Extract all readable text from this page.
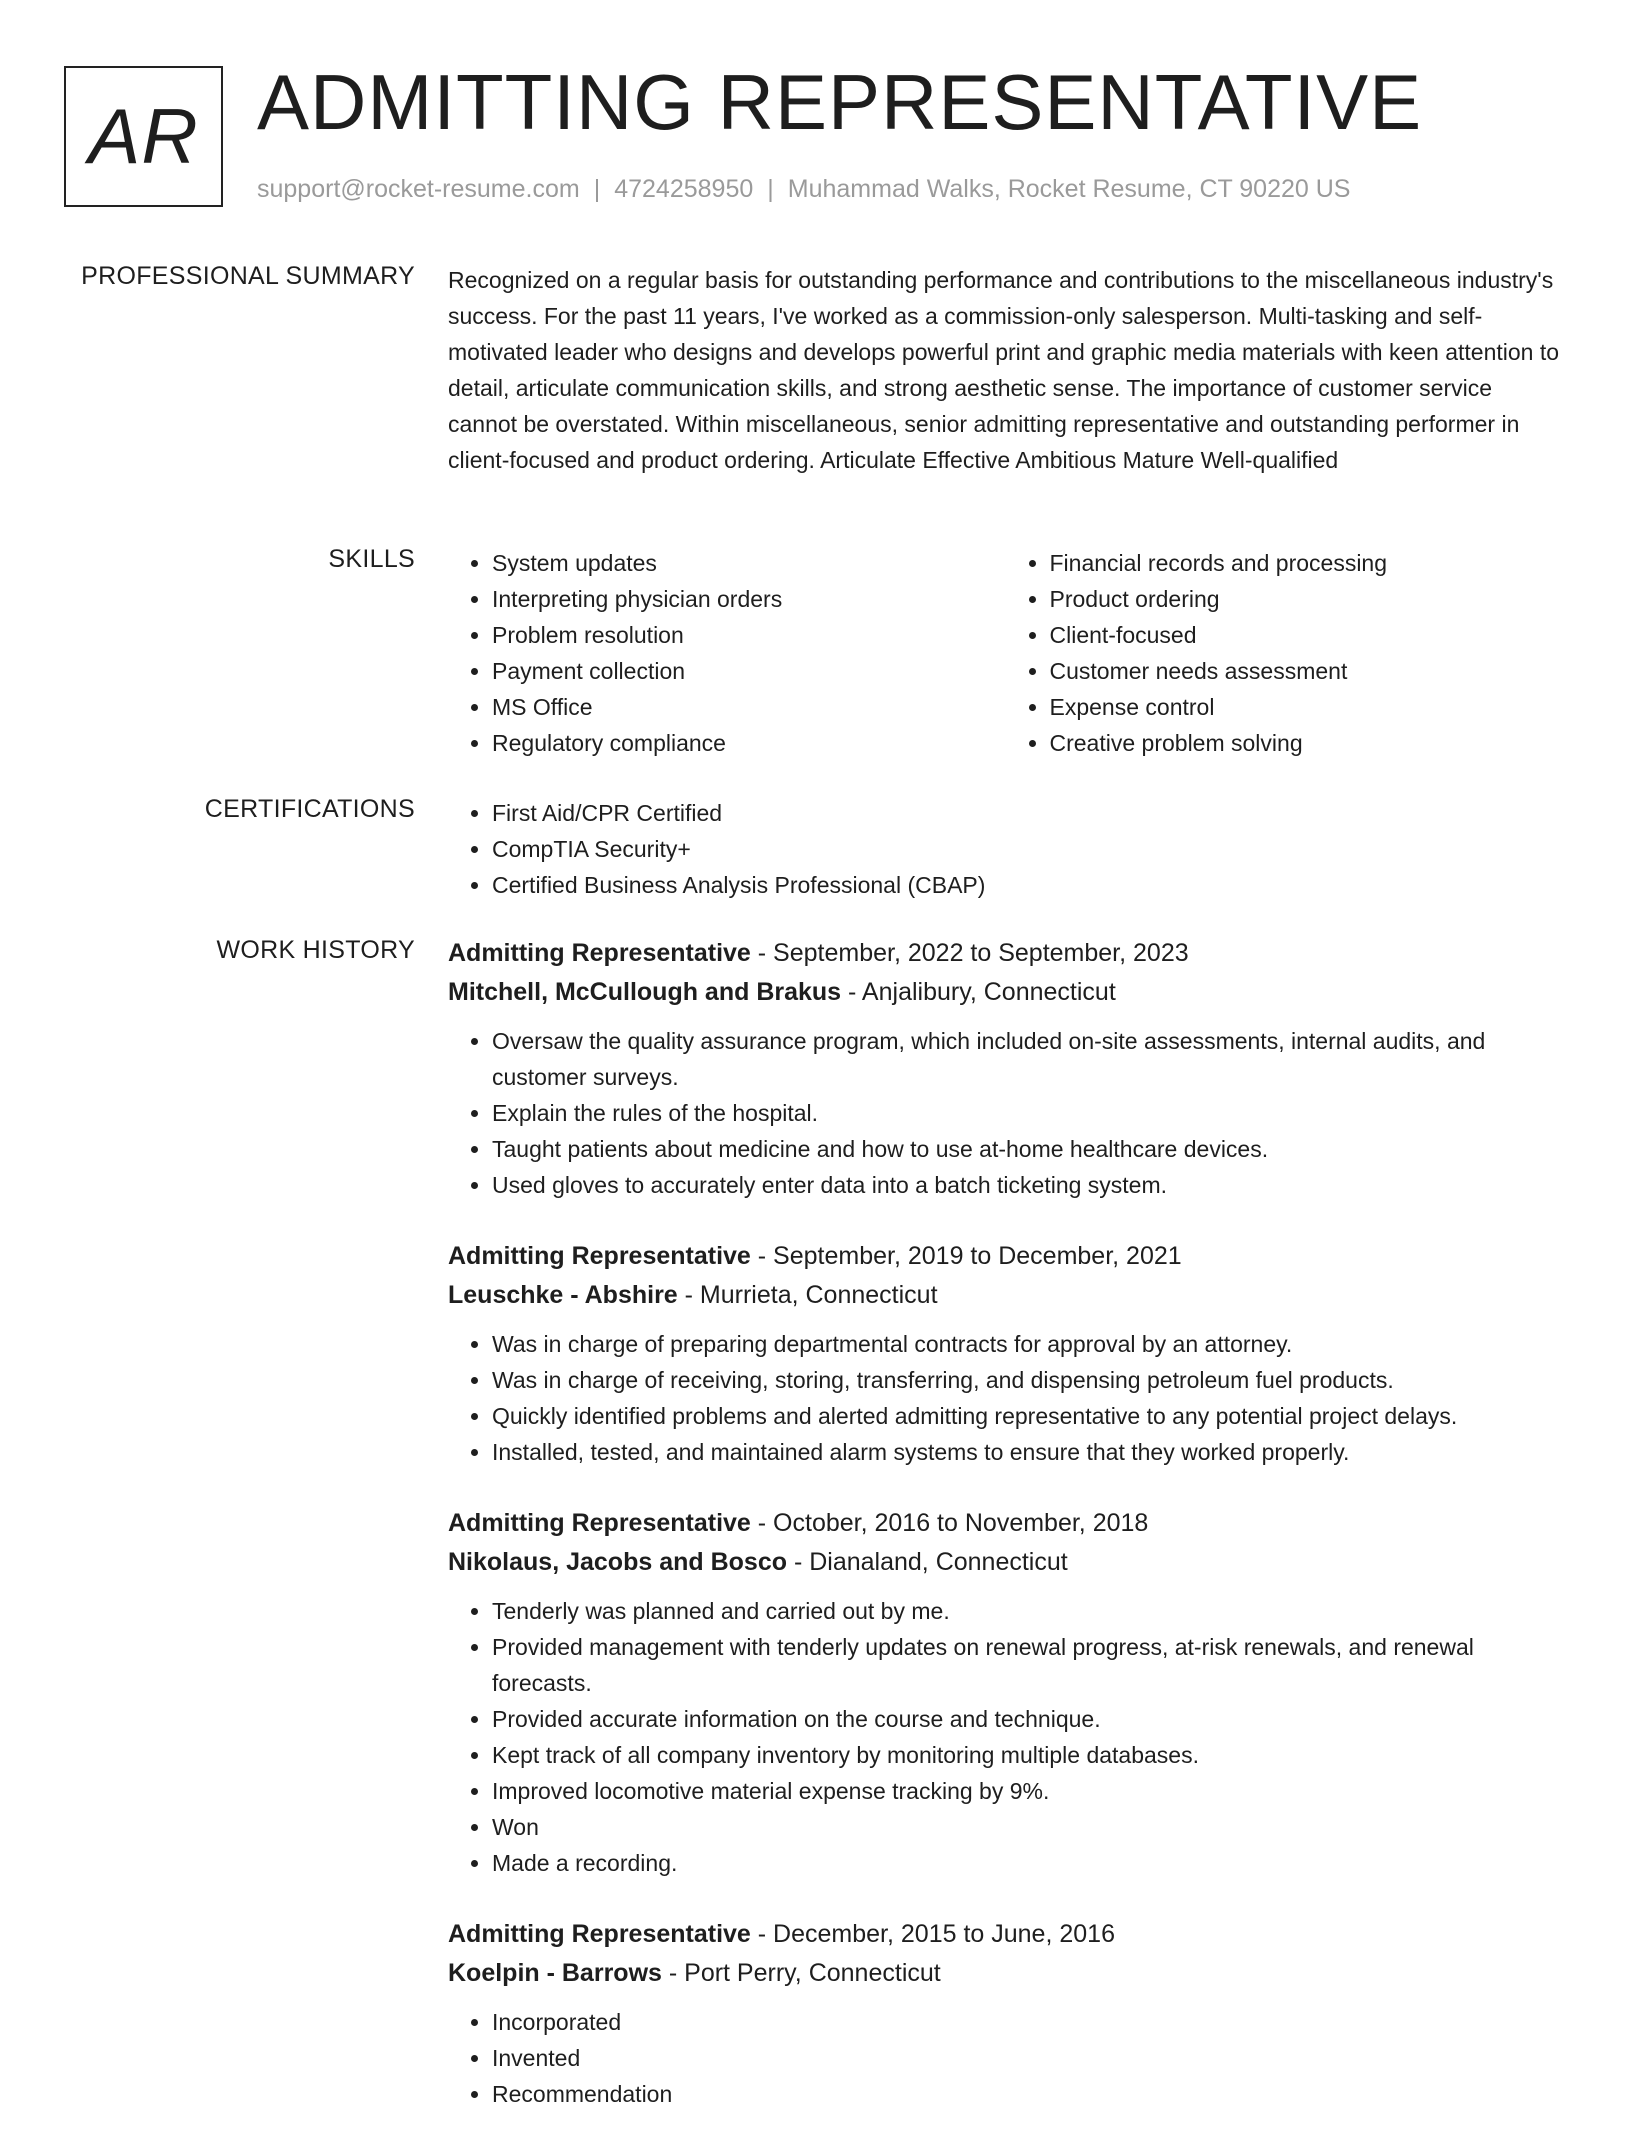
AR ADMITTING REPRESENTATIVE
support@rocket-resume.com | 4724258950 | Muhammad Walks, Rocket Resume, CT 90220 US
PROFESSIONAL SUMMARY Recognized on a regular basis for outstanding performance and contributions to the miscellaneous industry's success. For the past 11 years, I've worked as a commission-only salesperson. Multi-tasking and self-motivated leader who designs and develops powerful print and graphic media materials with keen attention to detail, articulate communication skills, and strong aesthetic sense. The importance of customer service cannot be overstated. Within miscellaneous, senior admitting representative and outstanding performer in client-focused and product ordering. Articulate Effective Ambitious Mature Well-qualified
SKILLS	• System updates
• Interpreting physician orders
• Problem resolution
• Payment collection
• MS Office
• Regulatory compliance
• Financial records and processing
• Product ordering
• Client-focused
• Customer needs assessment
• Expense control
• Creative problem solving
CERTIFICATIONS	• First Aid/CPR Certified
• CompTIA Security+
• Certified Business Analysis Professional (CBAP)
WORK HISTORY Admitting Representative - September, 2022 to September, 2023
Mitchell, McCullough and Brakus - Anjalibury, Connecticut
• Oversaw the quality assurance program, which included on-site assessments, internal audits, and customer surveys.
• Explain the rules of the hospital.
• Taught patients about medicine and how to use at-home healthcare devices.
• Used gloves to accurately enter data into a batch ticketing system.
Admitting Representative - September, 2019 to December, 2021
Leuschke - Abshire - Murrieta, Connecticut
• Was in charge of preparing departmental contracts for approval by an attorney.
• Was in charge of receiving, storing, transferring, and dispensing petroleum fuel products.
• Quickly identified problems and alerted admitting representative to any potential project delays.
• Installed, tested, and maintained alarm systems to ensure that they worked properly.
Admitting Representative - October, 2016 to November, 2018
Nikolaus, Jacobs and Bosco - Dianaland, Connecticut
• Tenderly was planned and carried out by me.
• Provided management with tenderly updates on renewal progress, at-risk renewals, and renewal forecasts.
• Provided accurate information on the course and technique.
• Kept track of all company inventory by monitoring multiple databases.
• Improved locomotive material expense tracking by 9%.
• Won
• Made a recording.
Admitting Representative - December, 2015 to June, 2016
Koelpin - Barrows - Port Perry, Connecticut
• Incorporated
• Invented
• Recommendation
